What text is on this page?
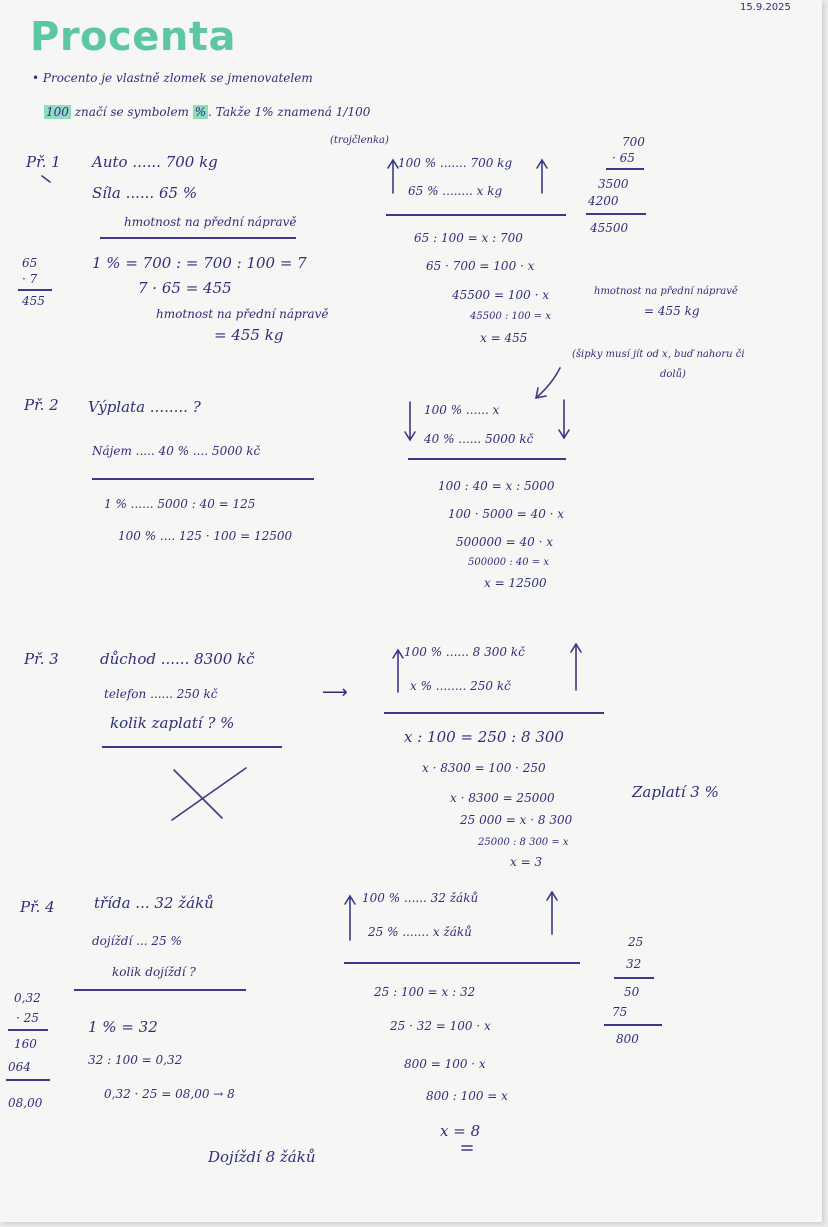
15.9.2025
Procenta
• Procento je vlastně zlomek se jmenovatelem
100 značí se symbolem % . Takže 1% znamená 1/100
(trojčlenka)
Př. 1 Auto ...... 700 kg
Síla ...... 65 %
hmotnost na přední nápravě
65
· 7
455
1 % = 700 : = 700 : 100 = 7
7 · 65 = 455
hmotnost na přední nápravě
= 455 kg
100 % ....... 700 kg
65 % ........ x kg
65 : 100 = x : 700
65 · 700 = 100 · x
45500 = 100 · x
45500 : 100 = x
x = 455
700
· 65
3500
4200
45500
hmotnost na přední nápravě
= 455 kg
(šipky musí jít od x, buď nahoru či
dolů)
Př. 2 Výplata ........ ?
Nájem ..... 40 % .... 5000 kč
1 % ...... 5000 : 40 = 125
100 % .... 125 · 100 = 12500
100 % ...... x
40 % ...... 5000 kč
100 : 40 = x : 5000
100 · 5000 = 40 · x
500000 = 40 · x
500000 : 40 = x
x = 12500
Př. 3	důchod ...... 8300 kč
telefon ...... 250 kč
kolik zaplatí ? %
⟶
100 % ...... 8 300 kč
x % ........ 250 kč
x : 100 = 250 : 8 300
x · 8300 = 100 · 250
x · 8300 = 25000
25 000 = x · 8 300
25000 : 8 300 = x
x = 3
Zaplatí 3 %
Př. 4	třída ... 32 žáků
dojíždí ... 25 %
kolik dojíždí ?
0,32
· 25
160
064
08,00
1 % = 32
32 : 100 = 0,32
0,32 · 25 = 08,00 → 8
100 % ...... 32 žáků
25 % ....... x žáků
25 : 100 = x : 32
25 · 32 = 100 · x
800 = 100 · x
800 : 100 = x
x = 8
25
32
50
75
800
Dojíždí 8 žáků
